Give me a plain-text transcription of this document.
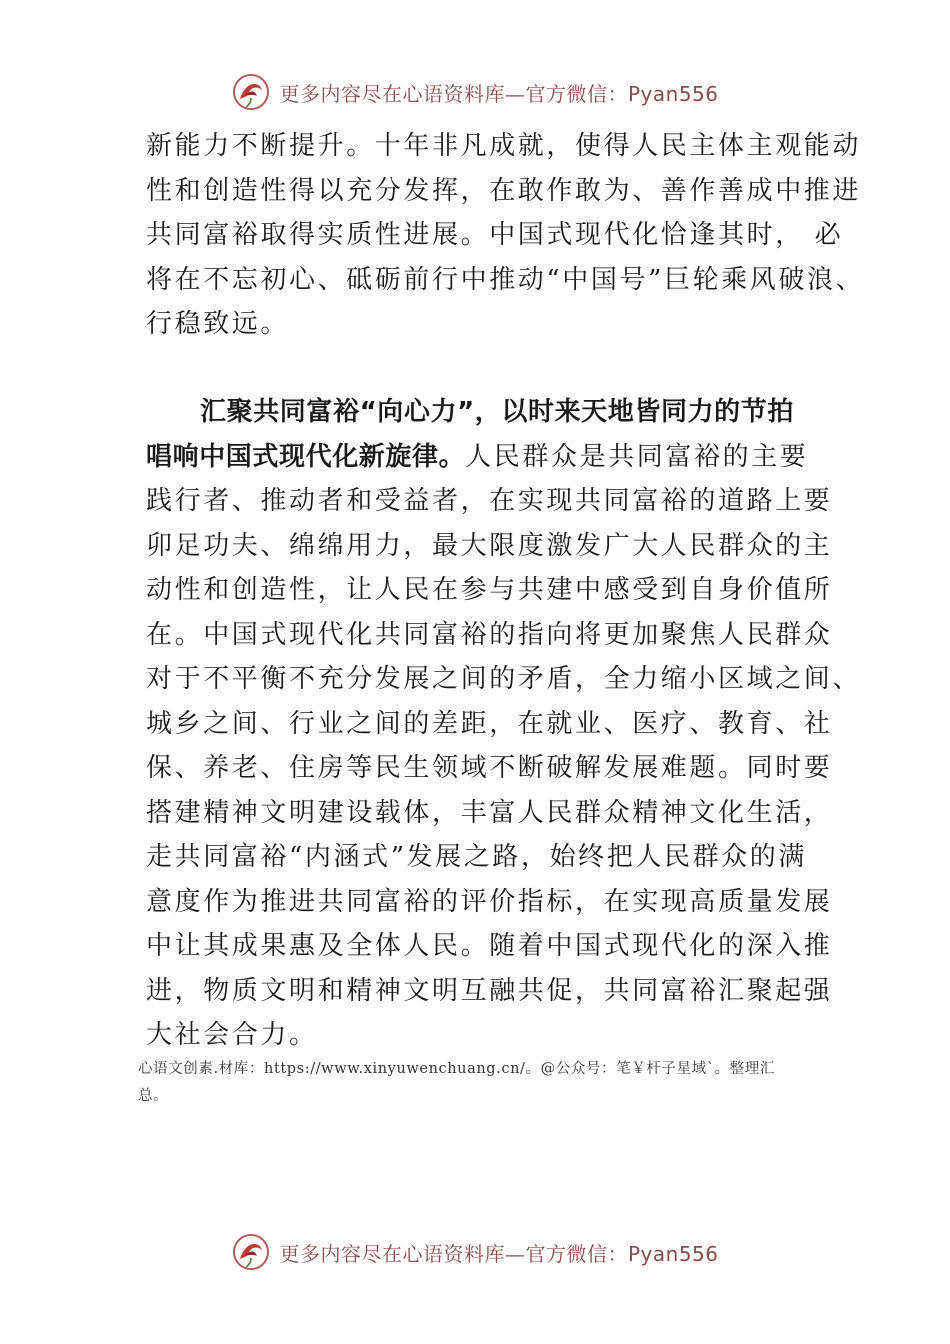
更多内容尽在心语资料库—官方微信：Pyan556
新能力不断提升。十年非凡成就，使得人民主体主观能动
性和创造性得以充分发挥，在敢作敢为、善作善成中推进
共同富裕取得实质性进展。中国式现代化恰逢其时， 必
将在不忘初心、砥砺前行中推动“中国号”巨轮乘风破浪、
行稳致远。
汇聚共同富裕“向心力”，以时来天地皆同力的节拍
唱响中国式现代化新旋律。人民群众是共同富裕的主要
践行者、推动者和受益者，在实现共同富裕的道路上要
卯足功夫、绵绵用力，最大限度激发广大人民群众的主
动性和创造性，让人民在参与共建中感受到自身价值所
在。中国式现代化共同富裕的指向将更加聚焦人民群众
对于不平衡不充分发展之间的矛盾，全力缩小区域之间、
城乡之间、行业之间的差距，在就业、医疗、教育、社
保、养老、住房等民生领域不断破解发展难题。同时要
搭建精神文明建设载体，丰富人民群众精神文化生活，
走共同富裕“内涵式”发展之路，始终把人民群众的满
意度作为推进共同富裕的评价指标，在实现高质量发展
中让其成果惠及全体人民。随着中国式现代化的深入推
进，物质文明和精神文明互融共促，共同富裕汇聚起强
大社会合力。
心语文创素.材库：https://www.xinyuwenchuang.cn/。@公众号：笔￥杆子星域`。整理汇
总。
更多内容尽在心语资料库—官方微信：Pyan556
